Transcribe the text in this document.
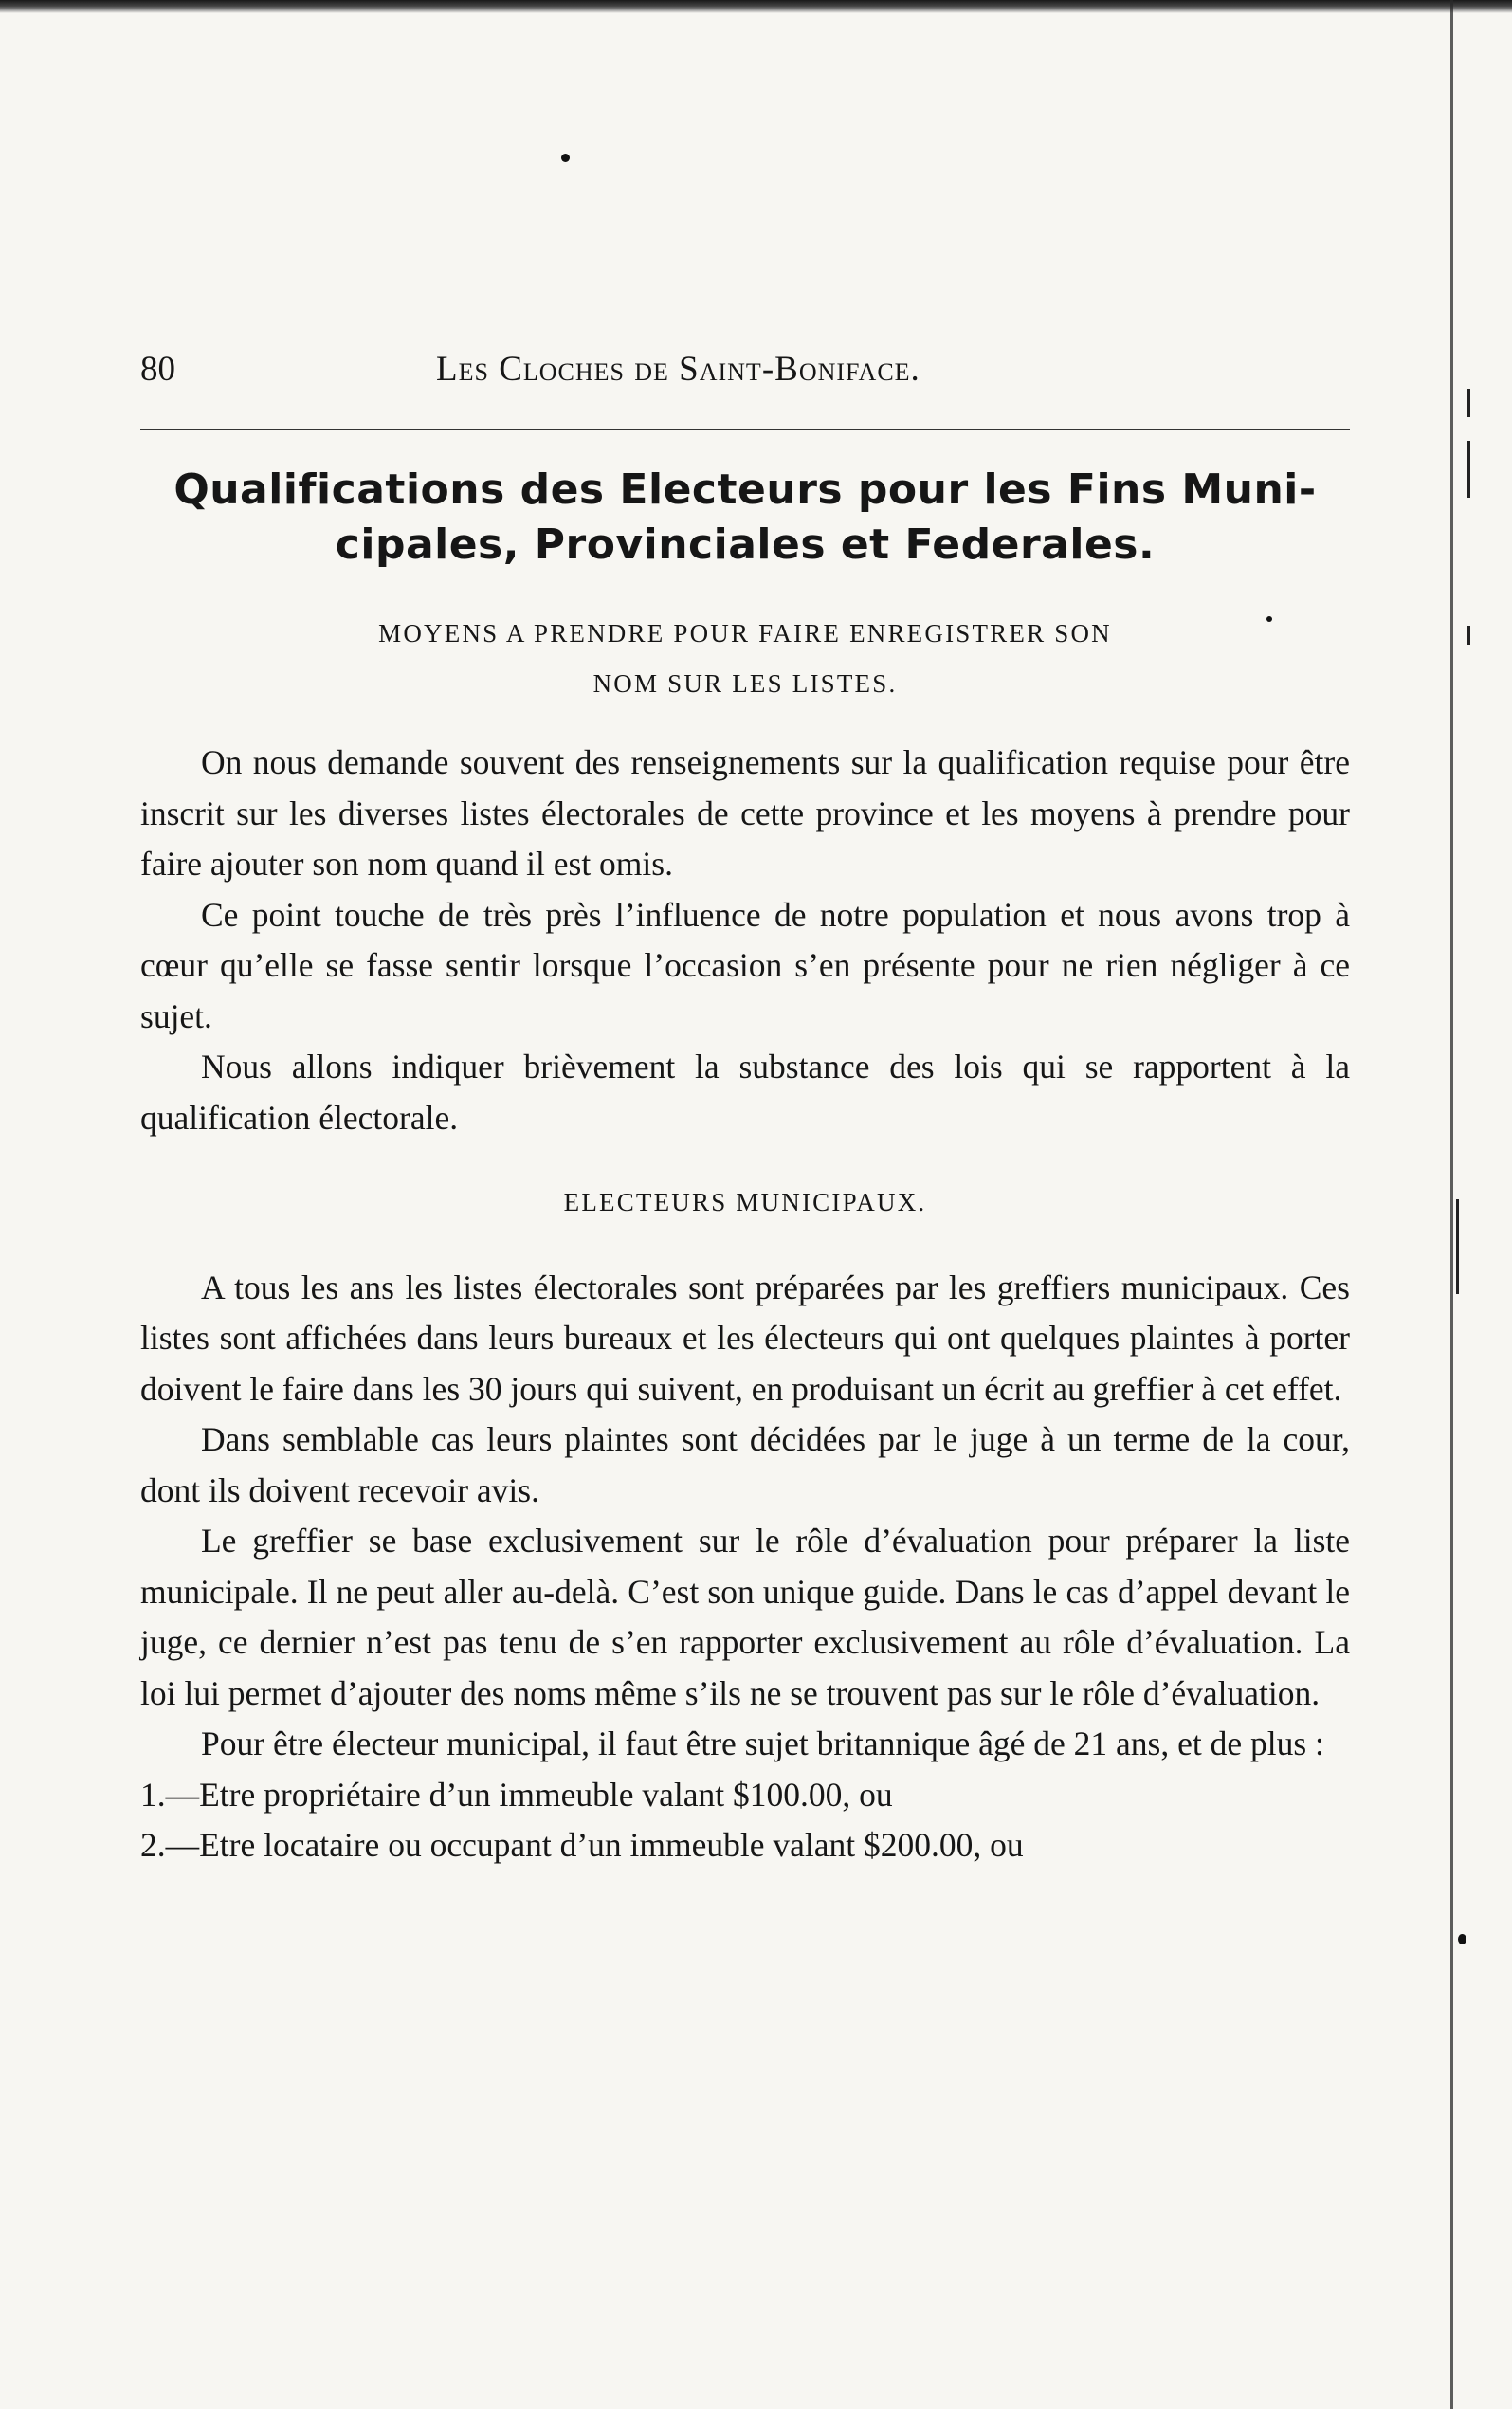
80	Les Cloches de Saint-Boniface.
Qualifications des Electeurs pour les Fins Muni-
cipales, Provinciales et Federales.
MOYENS A PRENDRE POUR FAIRE ENREGISTRER SON
NOM SUR LES LISTES.

On nous demande souvent des renseignements sur la qualification requise pour être inscrit sur les diverses listes électorales de cette province et les moyens à prendre pour faire ajouter son nom quand il est omis.

Ce point touche de très près l’influence de notre population et nous avons trop à cœur qu’elle se fasse sentir lorsque l’occasion s’en présente pour ne rien négliger à ce sujet.

Nous allons indiquer brièvement la substance des lois qui se rapportent à la qualification électorale.

ELECTEURS MUNICIPAUX.

A tous les ans les listes électorales sont préparées par les greffiers municipaux. Ces listes sont affichées dans leurs bureaux et les électeurs qui ont quelques plaintes à porter doivent le faire dans les 30 jours qui suivent, en produisant un écrit au greffier à cet effet.

Dans semblable cas leurs plaintes sont décidées par le juge à un terme de la cour, dont ils doivent recevoir avis.

Le greffier se base exclusivement sur le rôle d’évaluation pour préparer la liste municipale. Il ne peut aller au-delà. C’est son unique guide. Dans le cas d’appel devant le juge, ce dernier n’est pas tenu de s’en rapporter exclusivement au rôle d’évaluation. La loi lui permet d’ajouter des noms même s’ils ne se trouvent pas sur le rôle d’évaluation.

Pour être électeur municipal, il faut être sujet britannique âgé de 21 ans, et de plus :

1.—Etre propriétaire d’un immeuble valant $100.00, ou

2.—Etre locataire ou occupant d’un immeuble valant $200.00, ou
